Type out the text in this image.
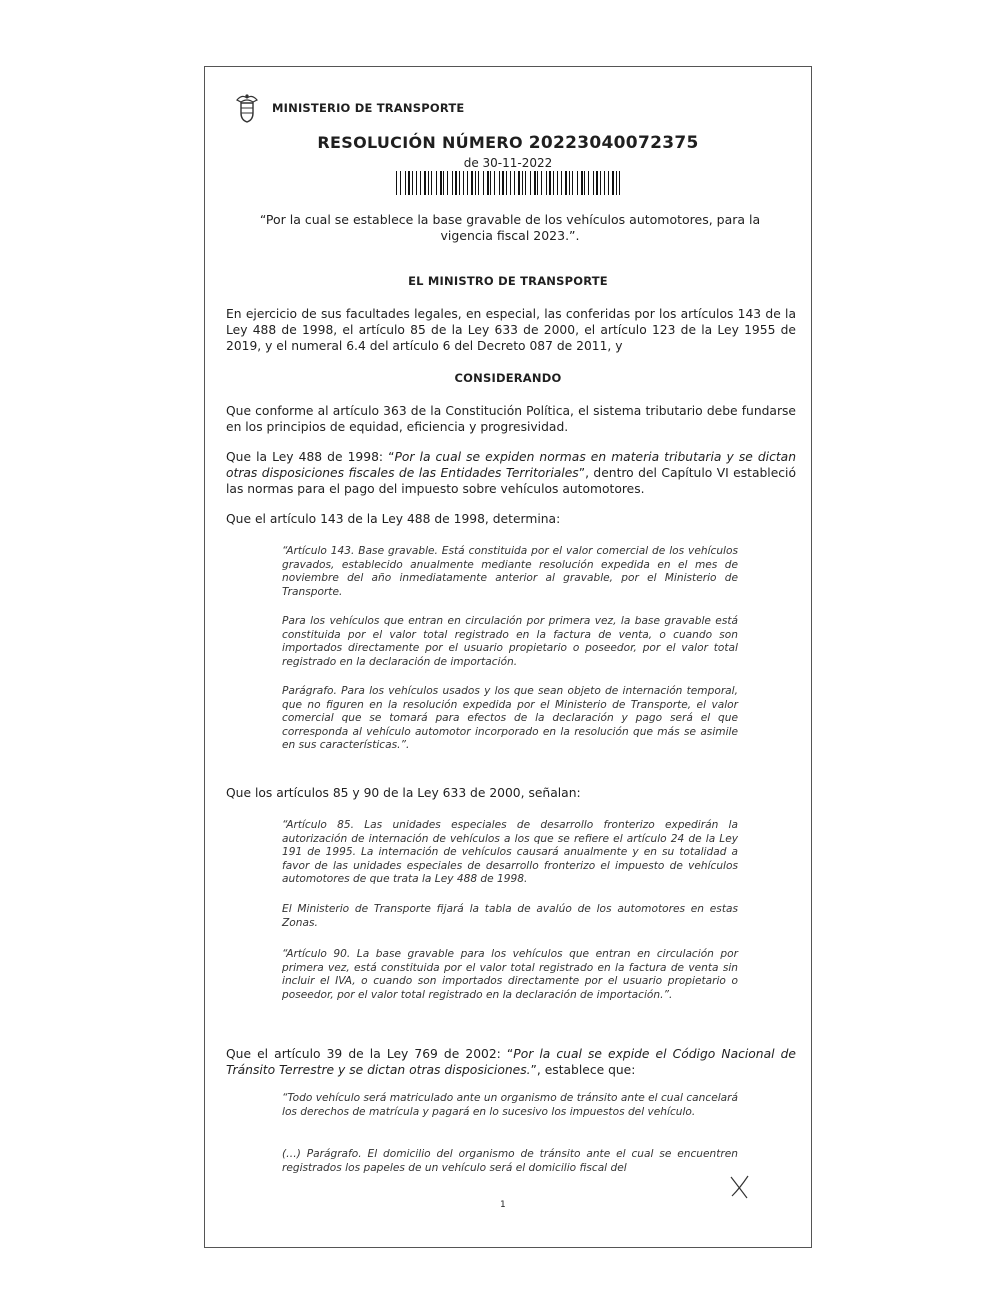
MINISTERIO DE TRANSPORTE
RESOLUCIÓN NÚMERO 20223040072375
de 30-11-2022
“Por la cual se establece la base gravable de los vehículos automotores, para la vigencia fiscal 2023.”.
EL MINISTRO DE TRANSPORTE
En ejercicio de sus facultades legales, en especial, las conferidas por los artículos 143 de la Ley 488 de 1998, el artículo 85 de la Ley 633 de 2000, el artículo 123 de la Ley 1955 de 2019, y el numeral 6.4 del artículo 6 del Decreto 087 de 2011, y
CONSIDERANDO
Que conforme al artículo 363 de la Constitución Política, el sistema tributario debe fundarse en los principios de equidad, eficiencia y progresividad.
Que la Ley 488 de 1998: “Por la cual se expiden normas en materia tributaria y se dictan otras disposiciones fiscales de las Entidades Territoriales”, dentro del Capítulo VI estableció las normas para el pago del impuesto sobre vehículos automotores.
Que el artículo 143 de la Ley 488 de 1998, determina:
“Artículo 143. Base gravable. Está constituida por el valor comercial de los vehículos gravados, establecido anualmente mediante resolución expedida en el mes de noviembre del año inmediatamente anterior al gravable, por el Ministerio de Transporte.
Para los vehículos que entran en circulación por primera vez, la base gravable está constituida por el valor total registrado en la factura de venta, o cuando son importados directamente por el usuario propietario o poseedor, por el valor total registrado en la declaración de importación.
Parágrafo. Para los vehículos usados y los que sean objeto de internación temporal, que no figuren en la resolución expedida por el Ministerio de Transporte, el valor comercial que se tomará para efectos de la declaración y pago será el que corresponda al vehículo automotor incorporado en la resolución que más se asimile en sus características.”.
Que los artículos 85 y 90 de la Ley 633 de 2000, señalan:
“Artículo 85. Las unidades especiales de desarrollo fronterizo expedirán la autorización de internación de vehículos a los que se refiere el artículo 24 de la Ley 191 de 1995. La internación de vehículos causará anualmente y en su totalidad a favor de las unidades especiales de desarrollo fronterizo el impuesto de vehículos automotores de que trata la Ley 488 de 1998.
El Ministerio de Transporte fijará la tabla de avalúo de los automotores en estas Zonas.
“Artículo 90. La base gravable para los vehículos que entran en circulación por primera vez, está constituida por el valor total registrado en la factura de venta sin incluir el IVA, o cuando son importados directamente por el usuario propietario o poseedor, por el valor total registrado en la declaración de importación.”.
Que el artículo 39 de la Ley 769 de 2002: “Por la cual se expide el Código Nacional de Tránsito Terrestre y se dictan otras disposiciones.”, establece que:
“Todo vehículo será matriculado ante un organismo de tránsito ante el cual cancelará los derechos de matrícula y pagará en lo sucesivo los impuestos del vehículo.
(…) Parágrafo. El domicilio del organismo de tránsito ante el cual se encuentren registrados los papeles de un vehículo será el domicilio fiscal del
1
